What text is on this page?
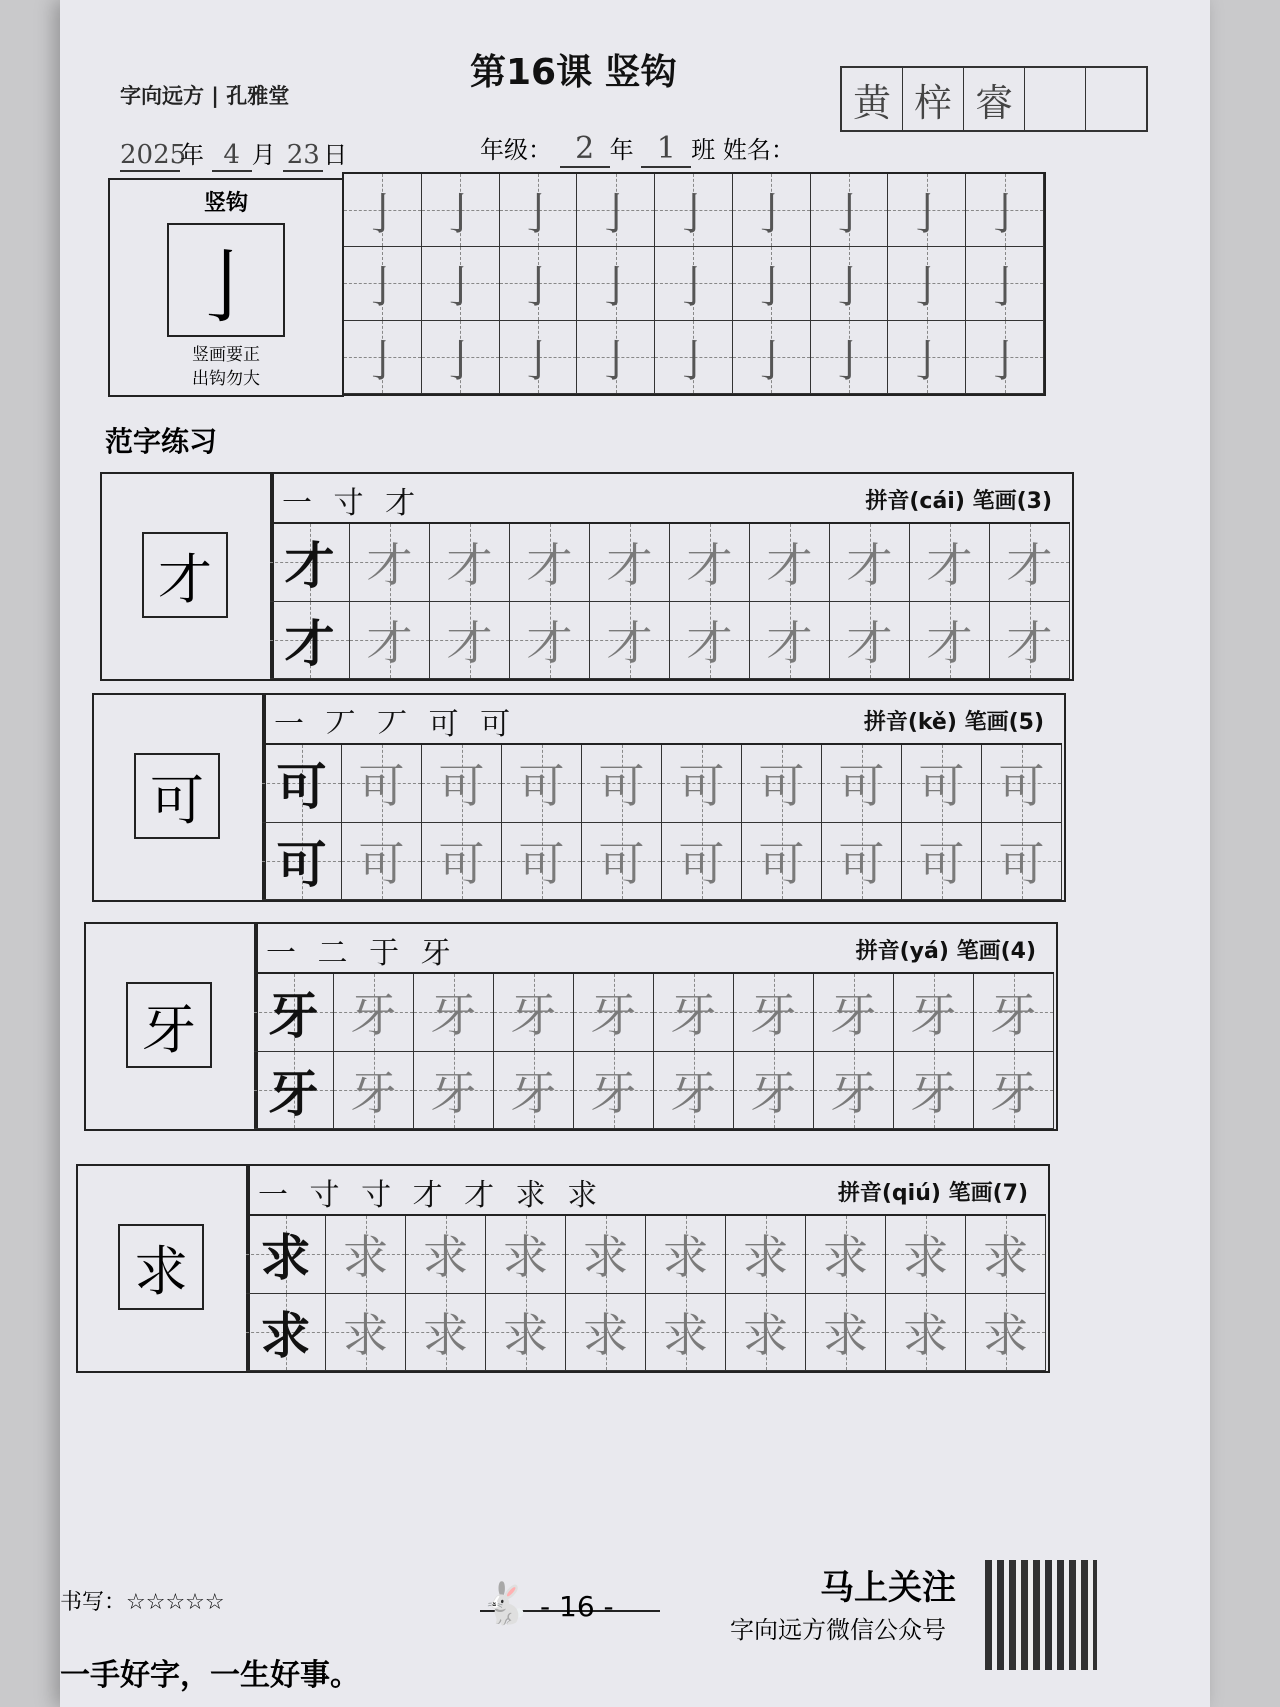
字向远方 | 孔雅堂
第16课 竖钩
黄 梓 睿
2025年 4 月 23 日	年级： 2 年 1 班 姓名：
竖钩
亅
竖画要正
出钩勿大
亅 亅 亅 亅 亅 亅 亅 亅 亅
亅 亅 亅 亅 亅 亅 亅 亅 亅
亅 亅 亅 亅 亅 亅 亅 亅 亅
范字练习
才
一 寸 才	拼音(cái) 笔画(3)
才 才 才 才 才 才 才 才 才 才
才 才 才 才 才 才 才 才 才 才
可
一 丆 丆 可 可	拼音(kě) 笔画(5)
可 可 可 可 可 可 可 可 可 可
可 可 可 可 可 可 可 可 可 可
牙
一 二 于 牙	拼音(yá) 笔画(4)
牙 牙 牙 牙 牙 牙 牙 牙 牙 牙
牙 牙 牙 牙 牙 牙 牙 牙 牙 牙
求
一 寸 寸 才 才 求 求	拼音(qiú) 笔画(7)
求 求 求 求 求 求 求 求 求 求
求 求 求 求 求 求 求 求 求 求
书写：☆☆☆☆☆	- 16 -
🐇	马上关注
字向远方微信公众号
一手好字，一生好事。
